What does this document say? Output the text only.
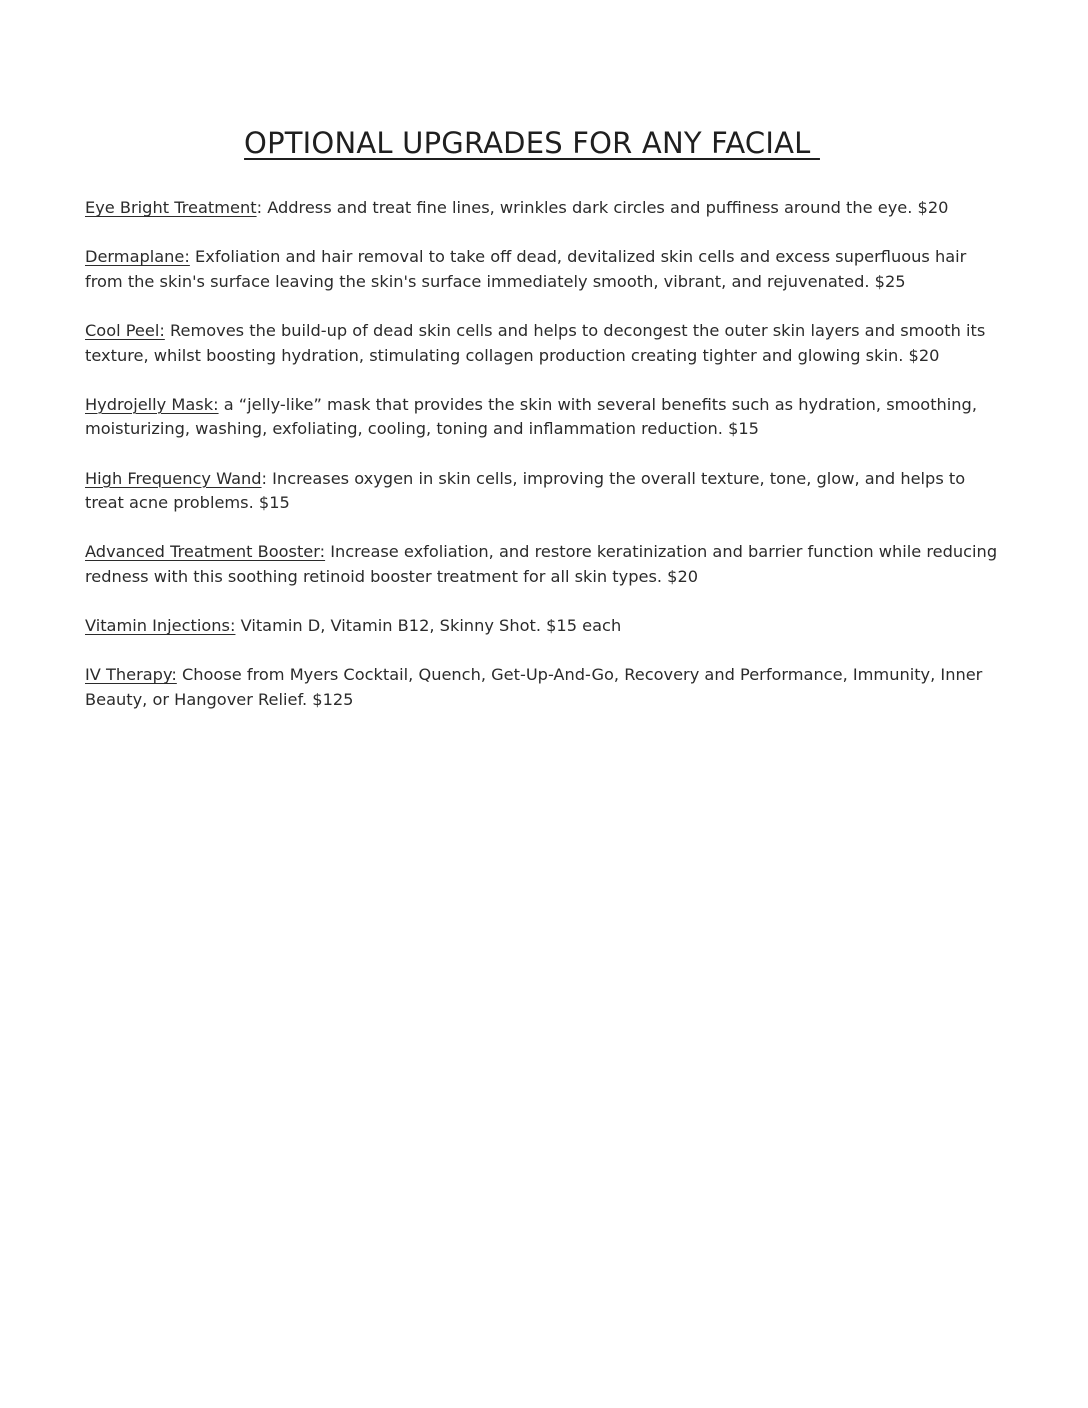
OPTIONAL UPGRADES FOR ANY FACIAL

Eye Bright Treatment: Address and treat fine lines, wrinkles dark circles and puffiness around the eye. $20

Dermaplane: Exfoliation and hair removal to take off dead, devitalized skin cells and excess superfluous hair from the skin's surface leaving the skin's surface immediately smooth, vibrant, and rejuvenated. $25

Cool Peel: Removes the build-up of dead skin cells and helps to decongest the outer skin layers and smooth its texture, whilst boosting hydration, stimulating collagen production creating tighter and glowing skin. $20

Hydrojelly Mask: a “jelly-like” mask that provides the skin with several benefits such as hydration, smoothing, moisturizing, washing, exfoliating, cooling, toning and inflammation reduction. $15

High Frequency Wand: Increases oxygen in skin cells, improving the overall texture, tone, glow, and helps to treat acne problems. $15

Advanced Treatment Booster: Increase exfoliation, and restore keratinization and barrier function while reducing redness with this soothing retinoid booster treatment for all skin types. $20

Vitamin Injections: Vitamin D, Vitamin B12, Skinny Shot. $15 each

IV Therapy: Choose from Myers Cocktail, Quench, Get-Up-And-Go, Recovery and Performance, Immunity, Inner Beauty, or Hangover Relief. $125
